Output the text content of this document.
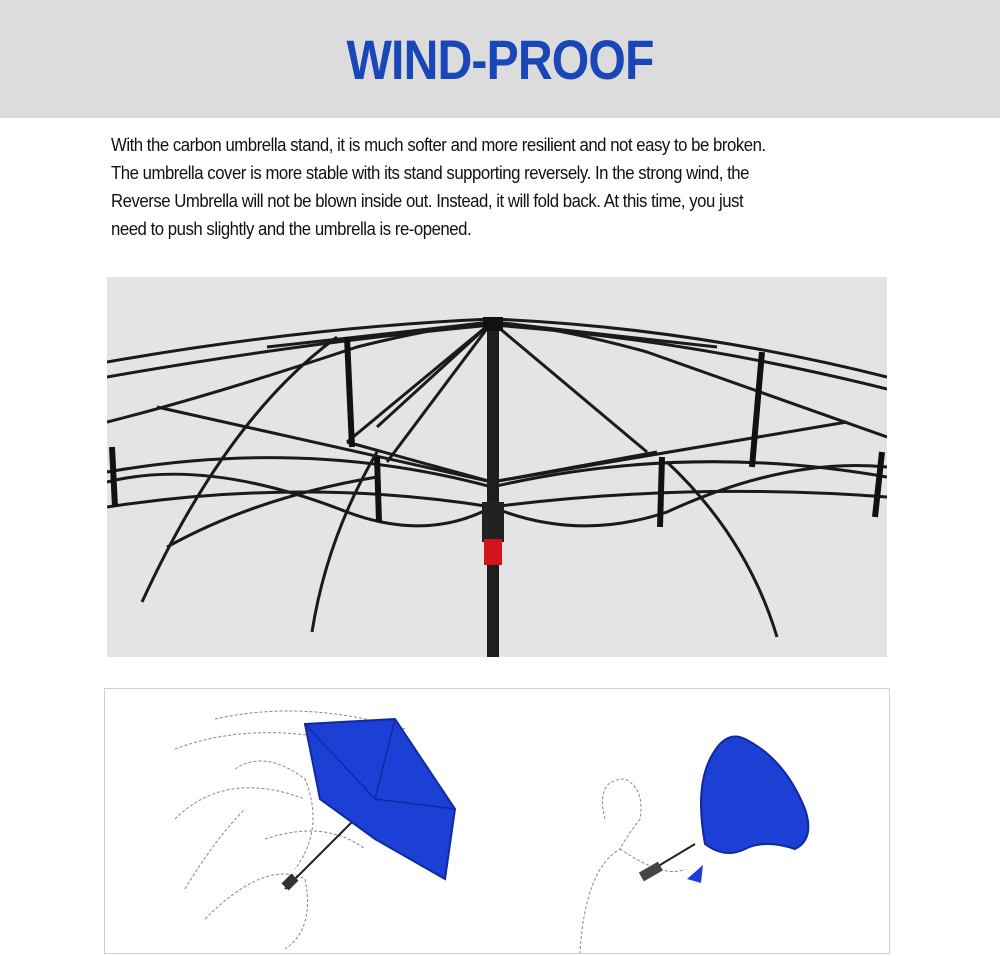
WIND-PROOF
With the carbon umbrella stand, it is much softer and more resilient and not easy to be broken.
The umbrella cover is more stable with its stand supporting reversely. In the strong wind, the
Reverse Umbrella will not be blown inside out. Instead, it will fold back. At this time, you just
need to push slightly and the umbrella is re-opened.
